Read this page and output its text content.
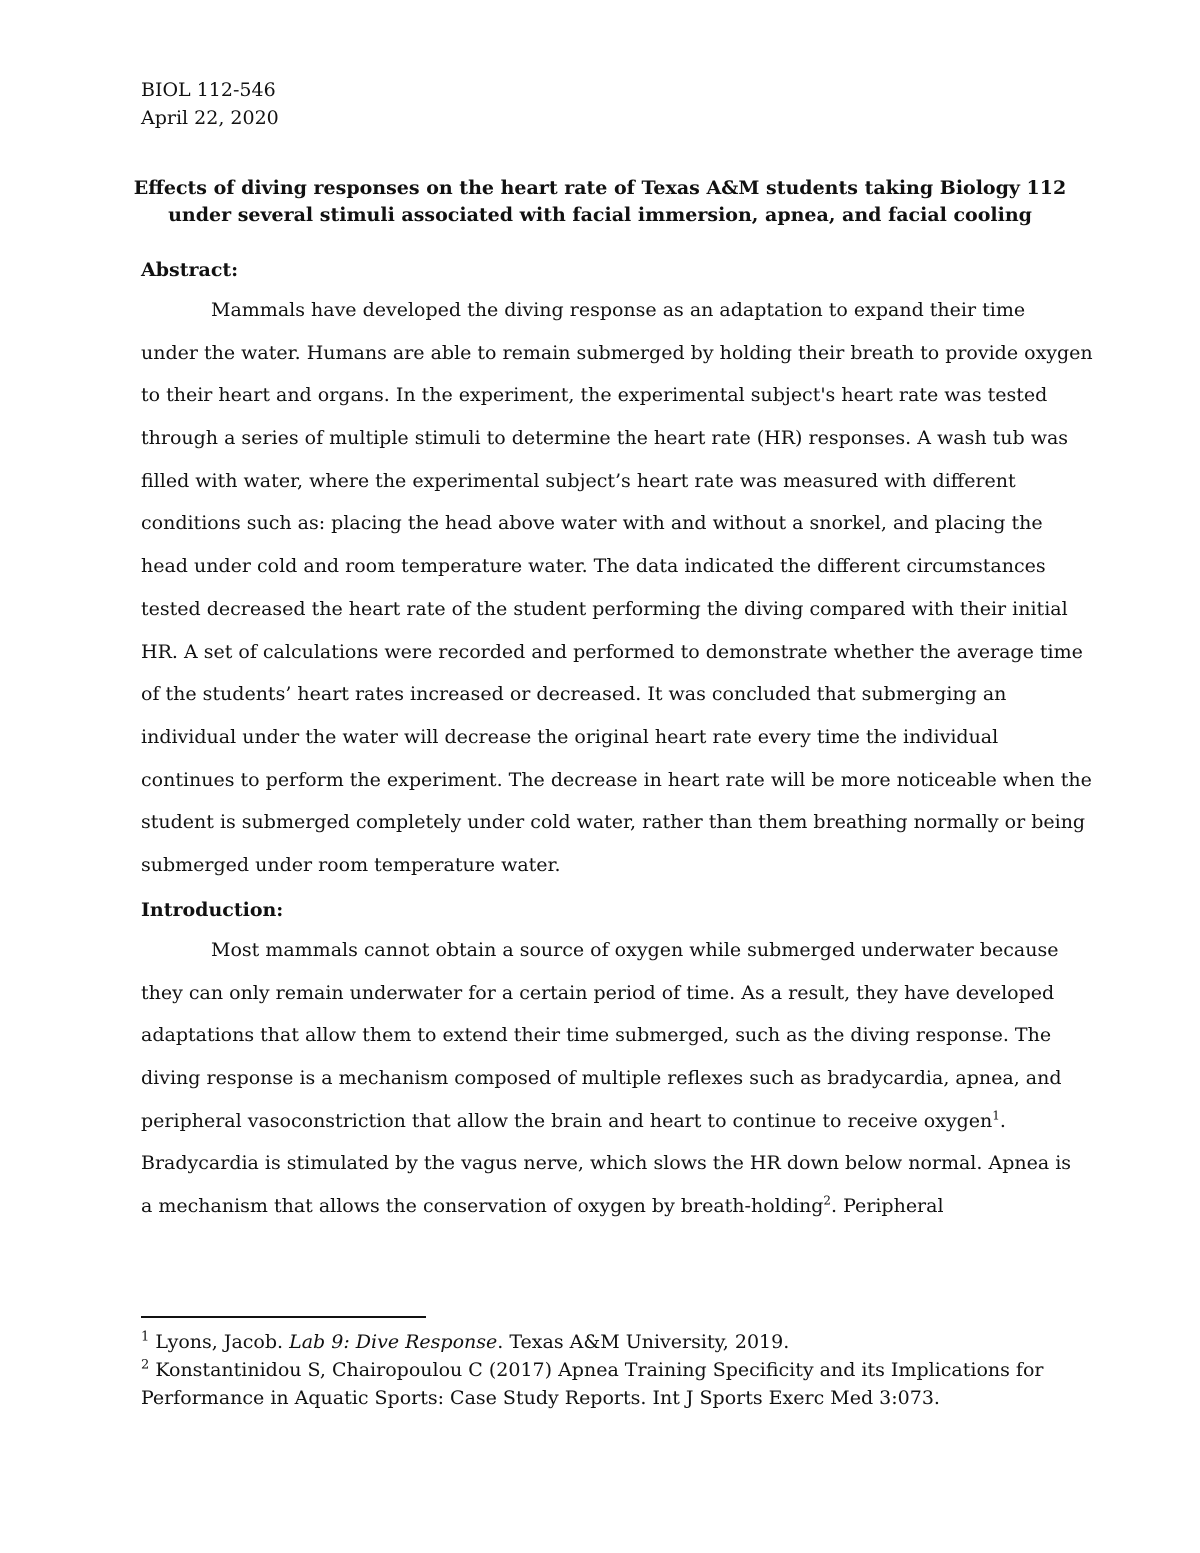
BIOL 112-546

April 22, 2020

Effects of diving responses on the heart rate of Texas A&M students taking Biology 112
under several stimuli associated with facial immersion, apnea, and facial cooling
Abstract:
Mammals have developed the diving response as an adaptation to expand their time
under the water. Humans are able to remain submerged by holding their breath to provide oxygen
to their heart and organs. In the experiment, the experimental subject's heart rate was tested
through a series of multiple stimuli to determine the heart rate (HR) responses. A wash tub was
filled with water, where the experimental subject’s heart rate was measured with different
conditions such as: placing the head above water with and without a snorkel, and placing the
head under cold and room temperature water. The data indicated the different circumstances
tested decreased the heart rate of the student performing the diving compared with their initial
HR. A set of calculations were recorded and performed to demonstrate whether the average time
of the students’ heart rates increased or decreased. It was concluded that submerging an
individual under the water will decrease the original heart rate every time the individual
continues to perform the experiment. The decrease in heart rate will be more noticeable when the
student is submerged completely under cold water, rather than them breathing normally or being
submerged under room temperature water.
Introduction:
Most mammals cannot obtain a source of oxygen while submerged underwater because
they can only remain underwater for a certain period of time. As a result, they have developed
adaptations that allow them to extend their time submerged, such as the diving response. The
diving response is a mechanism composed of multiple reflexes such as bradycardia, apnea, and
peripheral vasoconstriction that allow the brain and heart to continue to receive oxygen$^1$.
Bradycardia is stimulated by the vagus nerve, which slows the HR down below normal. Apnea is
a mechanism that allows the conservation of oxygen by breath-holding$^2$. Peripheral
$^1$ Lyons, Jacob. Lab 9: Dive Response. Texas A&M University, 2019.
$^2$ Konstantinidou S, Chairopoulou C (2017) Apnea Training Specificity and its Implications for
Performance in Aquatic Sports: Case Study Reports. Int J Sports Exerc Med 3:073.
